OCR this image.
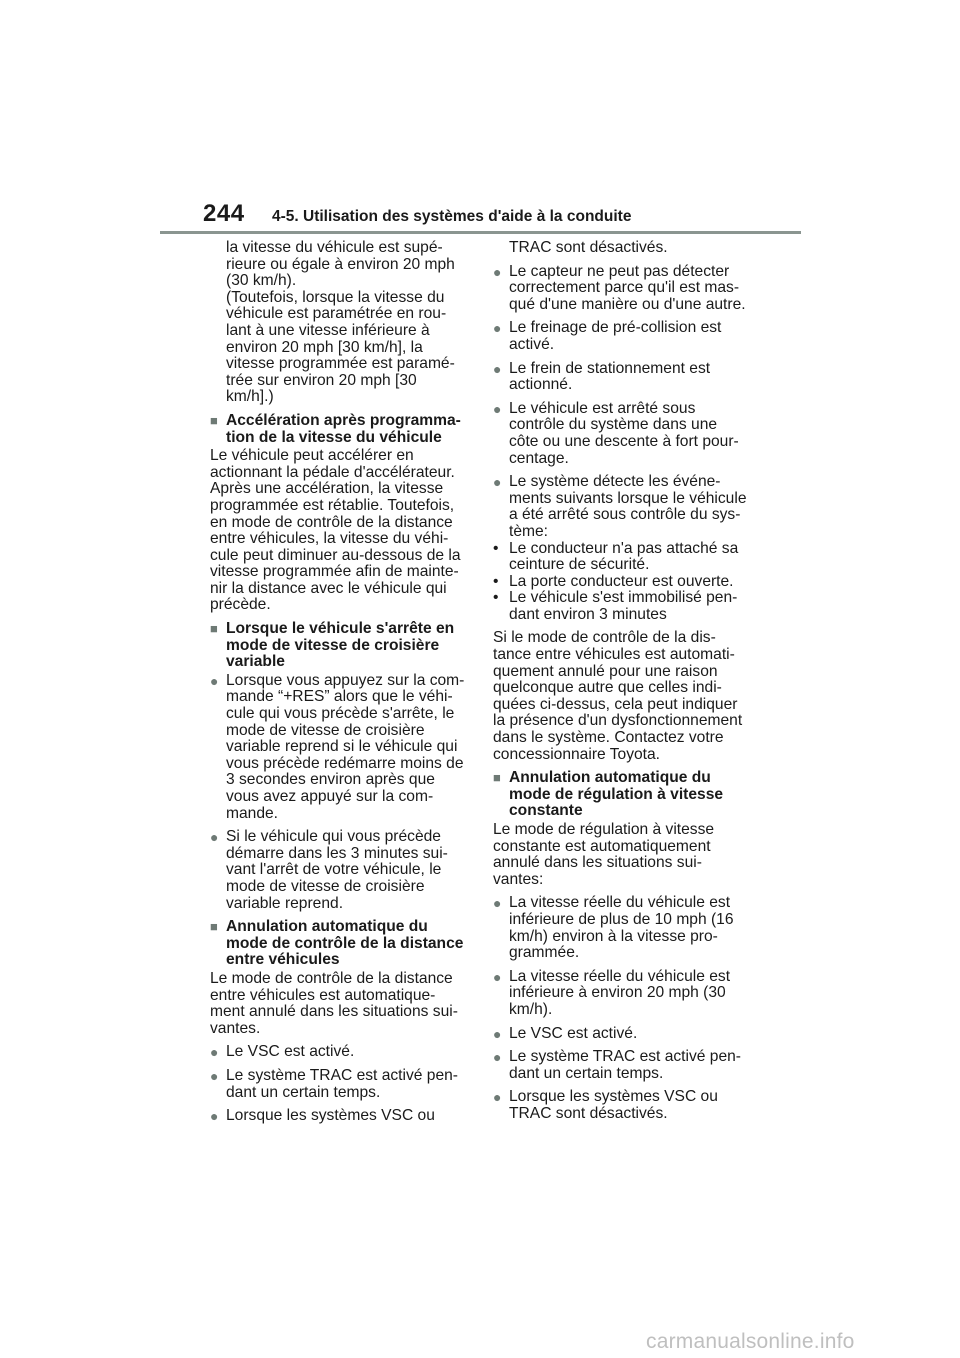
244 4-5. Utilisation des systèmes d'aide à la conduite
la vitesse du véhicule est supé-
rieure ou égale à environ 20 mph
(30 km/h).
(Toutefois, lorsque la vitesse du
véhicule est paramétrée en rou-
lant à une vitesse inférieure à
environ 20 mph [30 km/h], la
vitesse programmée est paramé-
trée sur environ 20 mph [30
km/h].)
■ Accélération après programma-
tion de la vitesse du véhicule
Le véhicule peut accélérer en
actionnant la pédale d'accélérateur.
Après une accélération, la vitesse
programmée est rétablie. Toutefois,
en mode de contrôle de la distance
entre véhicules, la vitesse du véhi-
cule peut diminuer au-dessous de la
vitesse programmée afin de mainte-
nir la distance avec le véhicule qui
précède.
■ Lorsque le véhicule s'arrête en
mode de vitesse de croisière
variable
● Lorsque vous appuyez sur la com-
mande “+RES” alors que le véhi-
cule qui vous précède s'arrête, le
mode de vitesse de croisière
variable reprend si le véhicule qui
vous précède redémarre moins de
3 secondes environ après que
vous avez appuyé sur la com-
mande.
● Si le véhicule qui vous précède
démarre dans les 3 minutes sui-
vant l'arrêt de votre véhicule, le
mode de vitesse de croisière
variable reprend.
■ Annulation automatique du
mode de contrôle de la distance
entre véhicules
Le mode de contrôle de la distance
entre véhicules est automatique-
ment annulé dans les situations sui-
vantes.
● Le VSC est activé.
● Le système TRAC est activé pen-
dant un certain temps.
● Lorsque les systèmes VSC ou
TRAC sont désactivés.
● Le capteur ne peut pas détecter
correctement parce qu'il est mas-
qué d'une manière ou d'une autre.
● Le freinage de pré-collision est
activé.
● Le frein de stationnement est
actionné.
● Le véhicule est arrêté sous
contrôle du système dans une
côte ou une descente à fort pour-
centage.
● Le système détecte les événe-
ments suivants lorsque le véhicule
a été arrêté sous contrôle du sys-
tème:
• Le conducteur n'a pas attaché sa
ceinture de sécurité.
• La porte conducteur est ouverte.
• Le véhicule s'est immobilisé pen-
dant environ 3 minutes
Si le mode de contrôle de la dis-
tance entre véhicules est automati-
quement annulé pour une raison
quelconque autre que celles indi-
quées ci-dessus, cela peut indiquer
la présence d'un dysfonctionnement
dans le système. Contactez votre
concessionnaire Toyota.
■ Annulation automatique du
mode de régulation à vitesse
constante
Le mode de régulation à vitesse
constante est automatiquement
annulé dans les situations sui-
vantes:
● La vitesse réelle du véhicule est
inférieure de plus de 10 mph (16
km/h) environ à la vitesse pro-
grammée.
● La vitesse réelle du véhicule est
inférieure à environ 20 mph (30
km/h).
● Le VSC est activé.
● Le système TRAC est activé pen-
dant un certain temps.
● Lorsque les systèmes VSC ou
TRAC sont désactivés.
carmanualsonline.info
